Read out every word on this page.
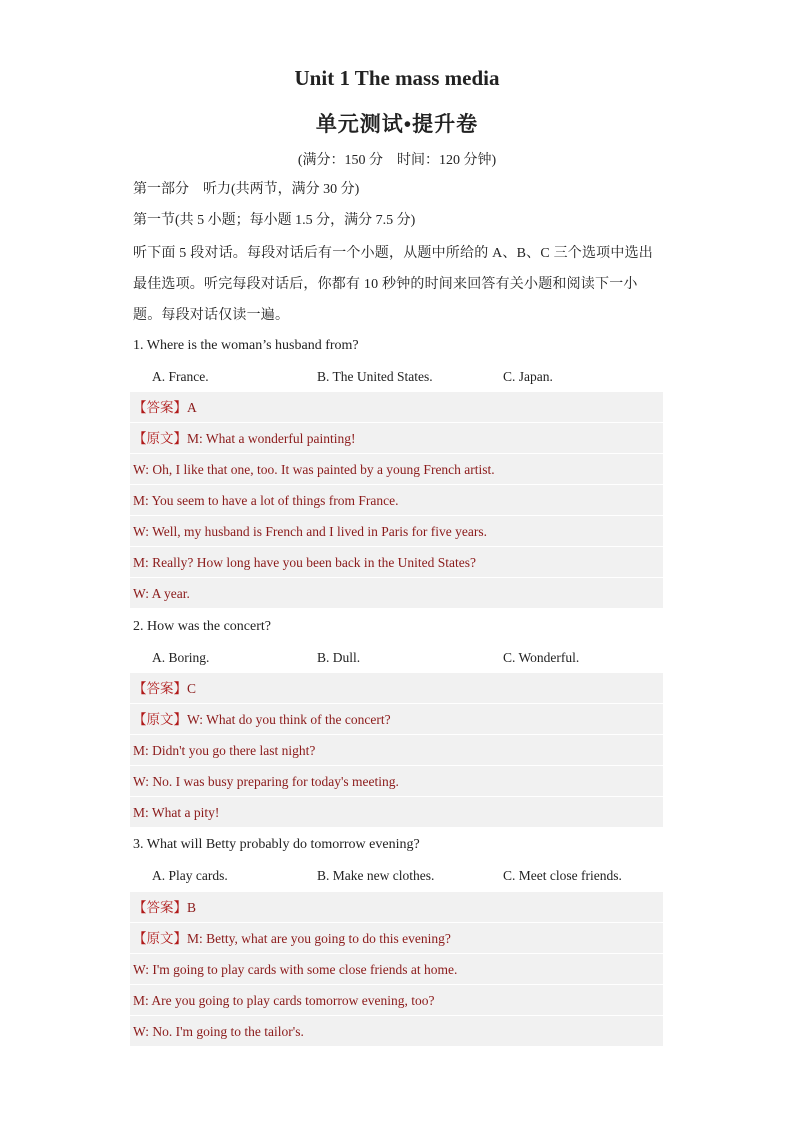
Unit 1 The mass media
单元测试•提升卷
(满分：150 分　时间：120 分钟)
第一部分　听力(共两节，满分 30 分)
第一节(共 5 小题；每小题 1.5 分，满分 7.5 分)
听下面 5 段对话。每段对话后有一个小题，从题中所给的 A、B、C 三个选项中选出最佳选项。听完每段对话后，你都有 10 秒钟的时间来回答有关小题和阅读下一小题。每段对话仅读一遍。
1. Where is the woman’s husband from?
A. France.	B. The United States.	C. Japan.
【答案】A
【原文】M: What a wonderful painting!
W: Oh, I like that one, too. It was painted by a young French artist.
M: You seem to have a lot of things from France.
W: Well, my husband is French and I lived in Paris for five years.
M: Really? How long have you been back in the United States?
W: A year.
2. How was the concert?
A. Boring.	B. Dull.	C. Wonderful.
【答案】C
【原文】W: What do you think of the concert?
M: Didn't you go there last night?
W: No. I was busy preparing for today's meeting.
M: What a pity!
3. What will Betty probably do tomorrow evening?
A. Play cards.	B. Make new clothes.	C. Meet close friends.
【答案】B
【原文】M: Betty, what are you going to do this evening?
W: I'm going to play cards with some close friends at home.
M: Are you going to play cards tomorrow evening, too?
W: No. I'm going to the tailor's.
